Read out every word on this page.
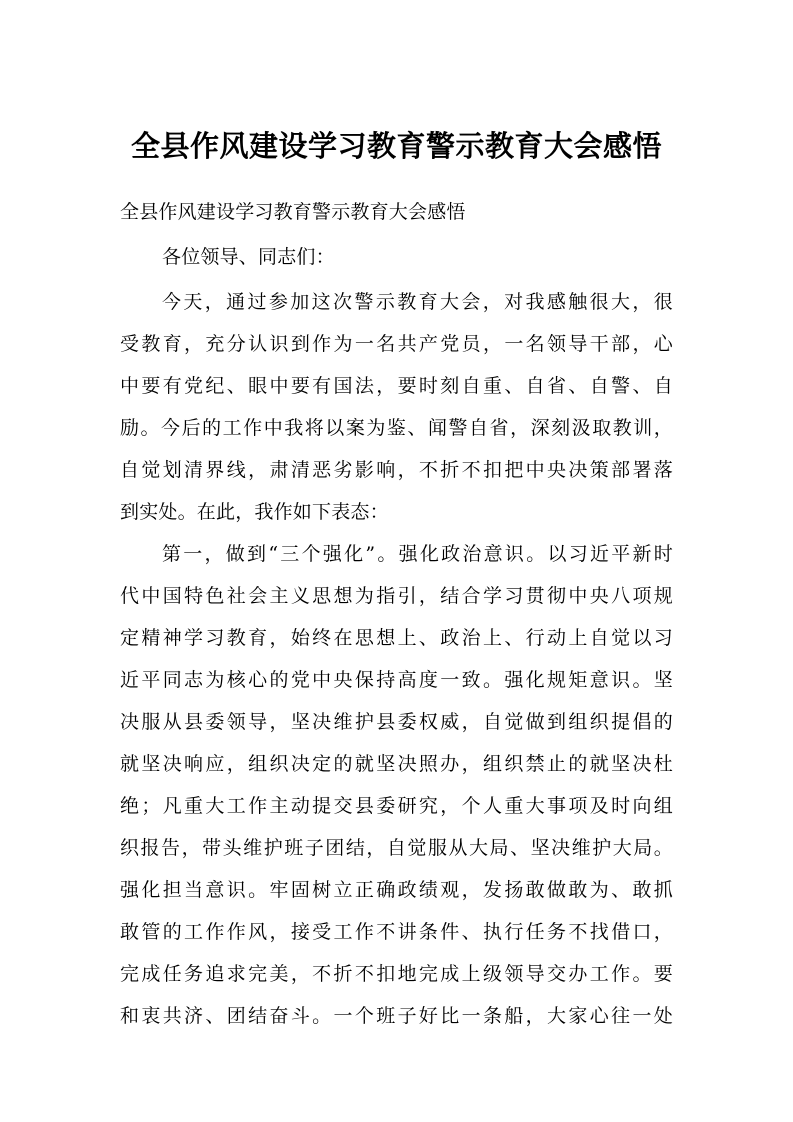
全县作风建设学习教育警示教育大会感悟
全县作风建设学习教育警示教育大会感悟
各位领导、同志们：
今天，通过参加这次警示教育大会，对我感触很大，很
受教育，充分认识到作为一名共产党员，一名领导干部，心
中要有党纪、眼中要有国法，要时刻自重、自省、自警、自
励。今后的工作中我将以案为鉴、闻警自省，深刻汲取教训，
自觉划清界线，肃清恶劣影响，不折不扣把中央决策部署落
到实处。在此，我作如下表态：
第一，做到“三个强化”。强化政治意识。以习近平新时
代中国特色社会主义思想为指引，结合学习贯彻中央八项规
定精神学习教育，始终在思想上、政治上、行动上自觉以习
近平同志为核心的党中央保持高度一致。强化规矩意识。坚
决服从县委领导，坚决维护县委权威，自觉做到组织提倡的
就坚决响应，组织决定的就坚决照办，组织禁止的就坚决杜
绝；凡重大工作主动提交县委研究，个人重大事项及时向组
织报告，带头维护班子团结，自觉服从大局、坚决维护大局。
强化担当意识。牢固树立正确政绩观，发扬敢做敢为、敢抓
敢管的工作作风，接受工作不讲条件、执行任务不找借口，
完成任务追求完美，不折不扣地完成上级领导交办工作。要
和衷共济、团结奋斗。一个班子好比一条船，大家心往一处
